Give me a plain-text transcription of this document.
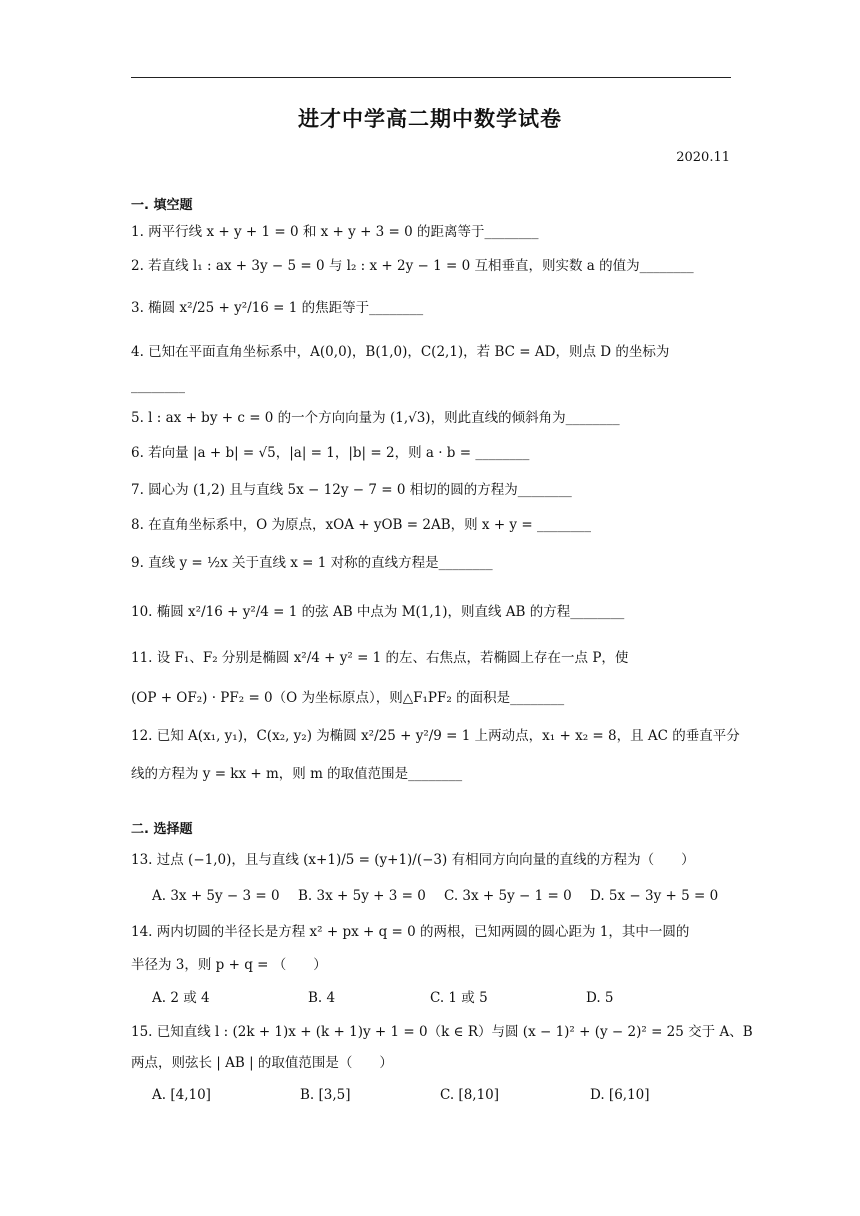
进才中学高二期中数学试卷
2020.11
一. 填空题
1. 两平行线 x + y + 1 = 0 和 x + y + 3 = 0 的距离等于________
2. 若直线 l₁ : ax + 3y − 5 = 0 与 l₂ : x + 2y − 1 = 0 互相垂直，则实数 a 的值为________
3. 椭圆 x²/25 + y²/16 = 1 的焦距等于________
4. 已知在平面直角坐标系中，A(0,0)，B(1,0)，C(2,1)，若 BC = AD，则点 D 的坐标为
________
5. l : ax + by + c = 0 的一个方向向量为 (1,√3)，则此直线的倾斜角为________
6. 若向量 |a + b| = √5，|a| = 1，|b| = 2，则 a · b = ________
7. 圆心为 (1,2) 且与直线 5x − 12y − 7 = 0 相切的圆的方程为________
8. 在直角坐标系中，O 为原点，xOA + yOB = 2AB，则 x + y = ________
9. 直线 y = ½x 关于直线 x = 1 对称的直线方程是________
10. 椭圆 x²/16 + y²/4 = 1 的弦 AB 中点为 M(1,1)，则直线 AB 的方程________
11. 设 F₁、F₂ 分别是椭圆 x²/4 + y² = 1 的左、右焦点，若椭圆上存在一点 P，使
(OP + OF₂) · PF₂ = 0（O 为坐标原点），则△F₁PF₂ 的面积是________
12. 已知 A(x₁, y₁)，C(x₂, y₂) 为椭圆 x²/25 + y²/9 = 1 上两动点，x₁ + x₂ = 8，且 AC 的垂直平分
线的方程为 y = kx + m，则 m 的取值范围是________
二. 选择题
13. 过点 (−1,0)，且与直线 (x+1)/5 = (y+1)/(−3) 有相同方向向量的直线的方程为（　　）
A. 3x + 5y − 3 = 0 B. 3x + 5y + 3 = 0 C. 3x + 5y − 1 = 0 D. 5x − 3y + 5 = 0
14. 两内切圆的半径长是方程 x² + px + q = 0 的两根，已知两圆的圆心距为 1，其中一圆的
半径为 3，则 p + q = （　　）
A. 2 或 4	B. 4	C. 1 或 5	D. 5
15. 已知直线 l : (2k + 1)x + (k + 1)y + 1 = 0（k ∈ R）与圆 (x − 1)² + (y − 2)² = 25 交于 A、B
两点，则弦长 | AB | 的取值范围是（　　）
A. [4,10]	B. [3,5]	C. [8,10]	D. [6,10]
